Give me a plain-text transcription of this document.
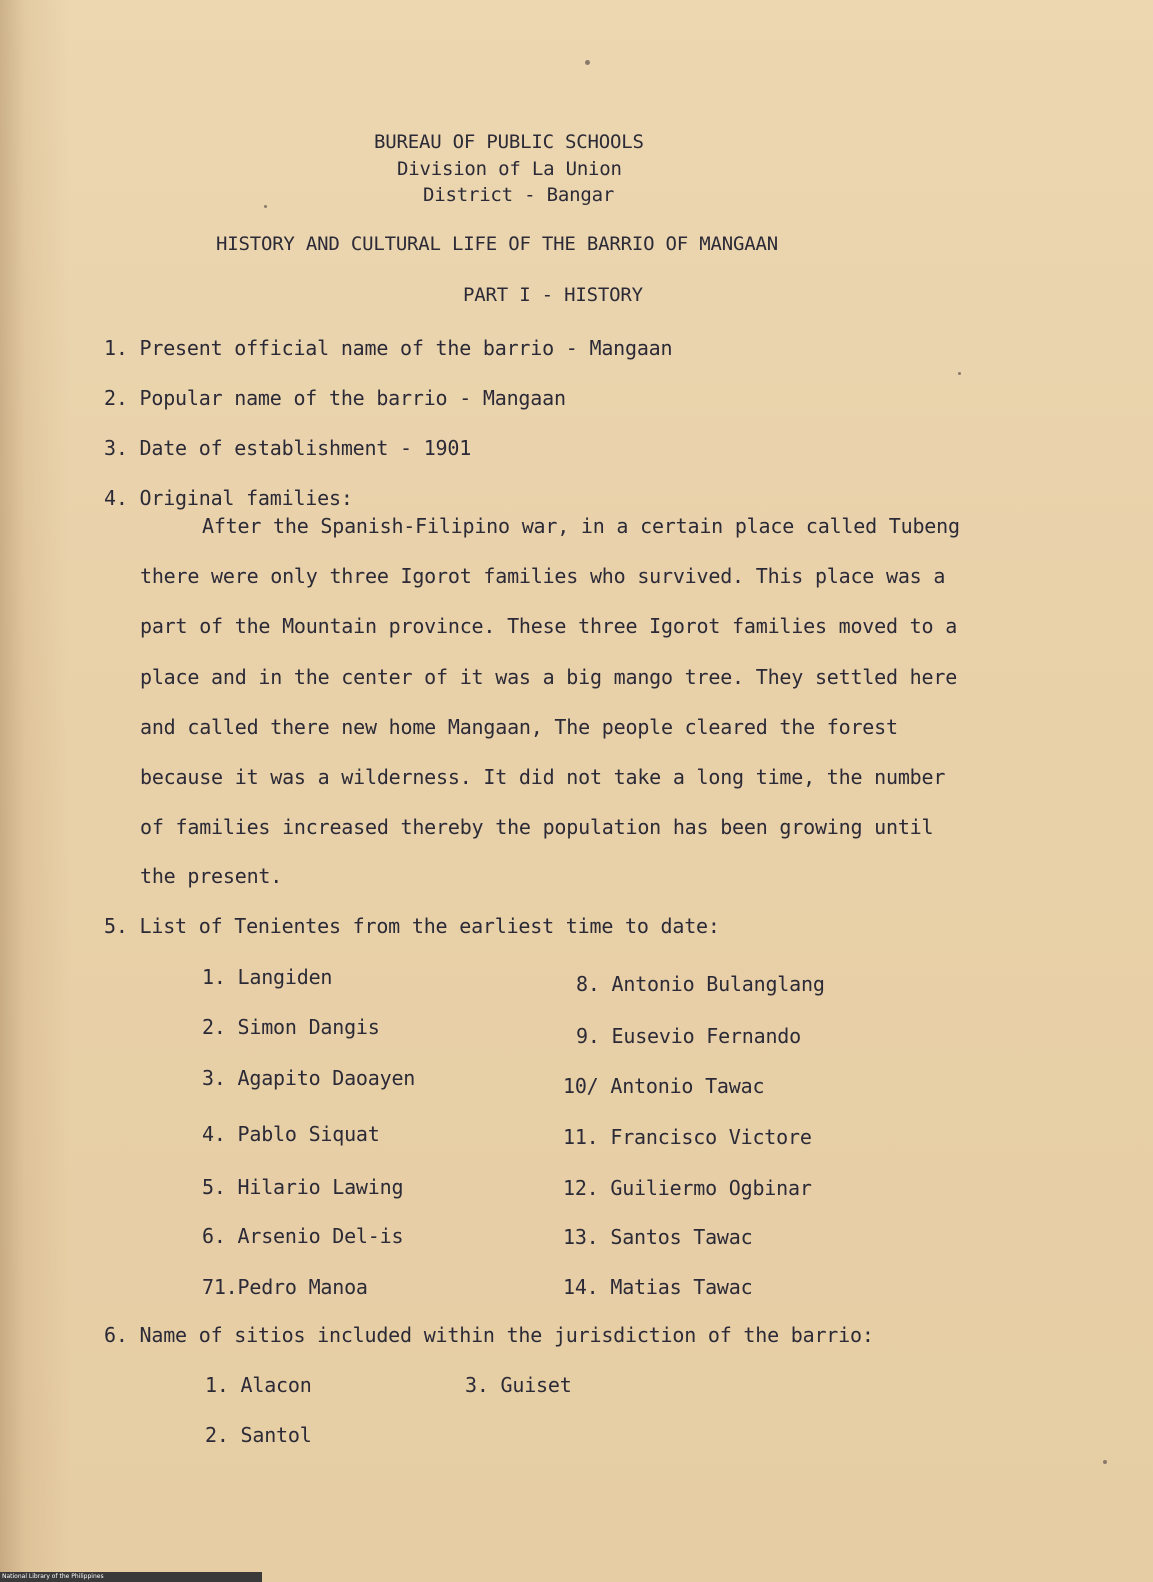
BUREAU OF PUBLIC SCHOOLS
Division of La Union
District - Bangar
HISTORY AND CULTURAL LIFE OF THE BARRIO OF MANGAAN
PART I - HISTORY
1. Present official name of the barrio - Mangaan
2. Popular name of the barrio - Mangaan
3. Date of establishment - 1901
4. Original families:
After the Spanish-Filipino war, in a certain place called Tubeng
there were only three Igorot families who survived. This place was a
part of the Mountain province. These three Igorot families moved to a
place and in the center of it was a big mango tree. They settled here
and called there new home Mangaan, The people cleared the forest
because it was a wilderness. It did not take a long time, the number
of families increased thereby the population has been growing until
the present.
5. List of Tenientes from the earliest time to date:
1. Langiden
2. Simon Dangis
3. Agapito Daoayen
4. Pablo Siquat
5. Hilario Lawing
6. Arsenio Del-is
71.Pedro Manoa
8. Antonio Bulanglang
9. Eusevio Fernando
10/ Antonio Tawac
11. Francisco Victore
12. Guiliermo Ogbinar
13. Santos Tawac
14. Matias Tawac
6. Name of sitios included within the jurisdiction of the barrio:
1. Alacon	3. Guiset
2. Santol
National Library of the Philippines
